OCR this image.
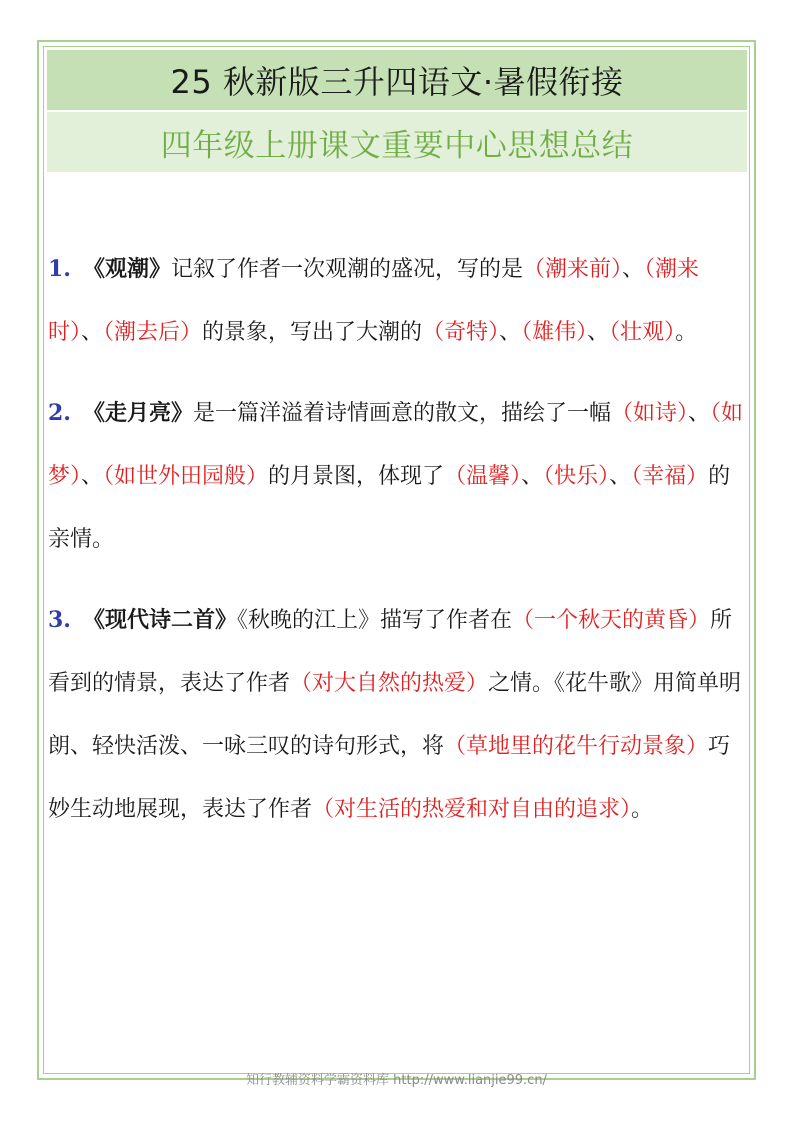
25 秋新版三升四语文·暑假衔接
四年级上册课文重要中心思想总结

1. 《观潮》记叙了作者一次观潮的盛况，写的是（潮来前）、（潮来时）、（潮去后）的景象，写出了大潮的（奇特）、（雄伟）、（壮观）。

2. 《走月亮》是一篇洋溢着诗情画意的散文，描绘了一幅（如诗）、（如梦）、（如世外田园般）的月景图，体现了（温馨）、（快乐）、（幸福）的亲情。

3. 《现代诗二首》《秋晚的江上》描写了作者在（一个秋天的黄昏）所看到的情景，表达了作者（对大自然的热爱）之情。《花牛歌》用简单明朗、轻快活泼、一咏三叹的诗句形式，将（草地里的花牛行动景象）巧妙生动地展现，表达了作者（对生活的热爱和对自由的追求）。

知行教辅资料学霸资料库 http://www.lianjie99.cn/
